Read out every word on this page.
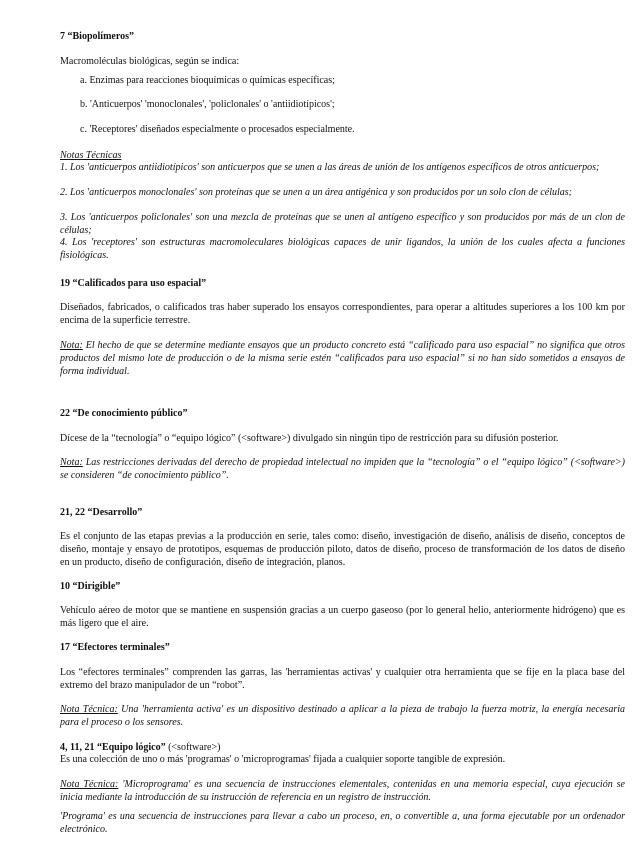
7 “Biopolímeros”

Macromoléculas biológicas, según se indica:

a. Enzimas para reacciones bioquímicas o químicas específicas;

b. 'Anticuerpos' 'monoclonales', 'policlonales' o 'antiidiotípicos';

c. 'Receptores' diseñados especialmente o procesados especialmente.

Notas Técnicas

1. Los 'anticuerpos antiidiotípicos' son anticuerpos que se unen a las áreas de unión de los antígenos específicos de otros anticuerpos;

2. Los 'anticuerpos monoclonales' son proteínas que se unen a un área antigénica y son producidos por un solo clon de células;

3. Los 'anticuerpos policlonales' son una mezcla de proteínas que se unen al antígeno específico y son producidos por más de un clon de células;

4. Los 'receptores' son estructuras macromoleculares biológicas capaces de unir ligandos, la unión de los cuales afecta a funciones fisiológicas.

19 “Calificados para uso espacial”

Diseñados, fabricados, o calificados tras haber superado los ensayos correspondientes, para operar a altitudes superiores a los 100 km por encima de la superficie terrestre.

Nota: El hecho de que se determine mediante ensayos que un producto concreto está “calificado para uso espacial” no significa que otros productos del mismo lote de producción o de la misma serie estén “calificados para uso espacial” si no han sido sometidos a ensayos de forma individual.

22 “De conocimiento público”

Dícese de la “tecnología” o “equipo lógico” (<software>) divulgado sin ningún tipo de restricción para su difusión posterior.

Nota: Las restricciones derivadas del derecho de propiedad intelectual no impiden que la “tecnología” o el “equipo lógico” (<software>) se consideren “de conocimiento público”.

21, 22 “Desarrollo”

Es el conjunto de las etapas previas a la producción en serie, tales como: diseño, investigación de diseño, análisis de diseño, conceptos de diseño, montaje y ensayo de prototipos, esquemas de producción piloto, datos de diseño, proceso de transformación de los datos de diseño en un producto, diseño de configuración, diseño de integración, planos.

10 “Dirigible”

Vehículo aéreo de motor que se mantiene en suspensión gracias a un cuerpo gaseoso (por lo general helio, anteriormente hidrógeno) que es más ligero que el aire.

17 “Efectores terminales”

Los “efectores terminales” comprenden las garras, las 'herramientas activas' y cualquier otra herramienta que se fije en la placa base del extremo del brazo manipulador de un “robot”.

Nota Técnica: Una 'herramienta activa' es un dispositivo destinado a aplicar a la pieza de trabajo la fuerza motriz, la energía necesaria para el proceso o los sensores.

4, 11, 21 “Equipo lógico” (<software>)

Es una colección de uno o más 'programas' o 'microprogramas' fijada a cualquier soporte tangible de expresión.

Nota Técnica: 'Microprograma' es una secuencia de instrucciones elementales, contenidas en una memoria especial, cuya ejecución se inicia mediante la introducción de su instrucción de referencia en un registro de instrucción.

'Programa' es una secuencia de instrucciones para llevar a cabo un proceso, en, o convertible a, una forma ejecutable por un ordenador electrónico.
